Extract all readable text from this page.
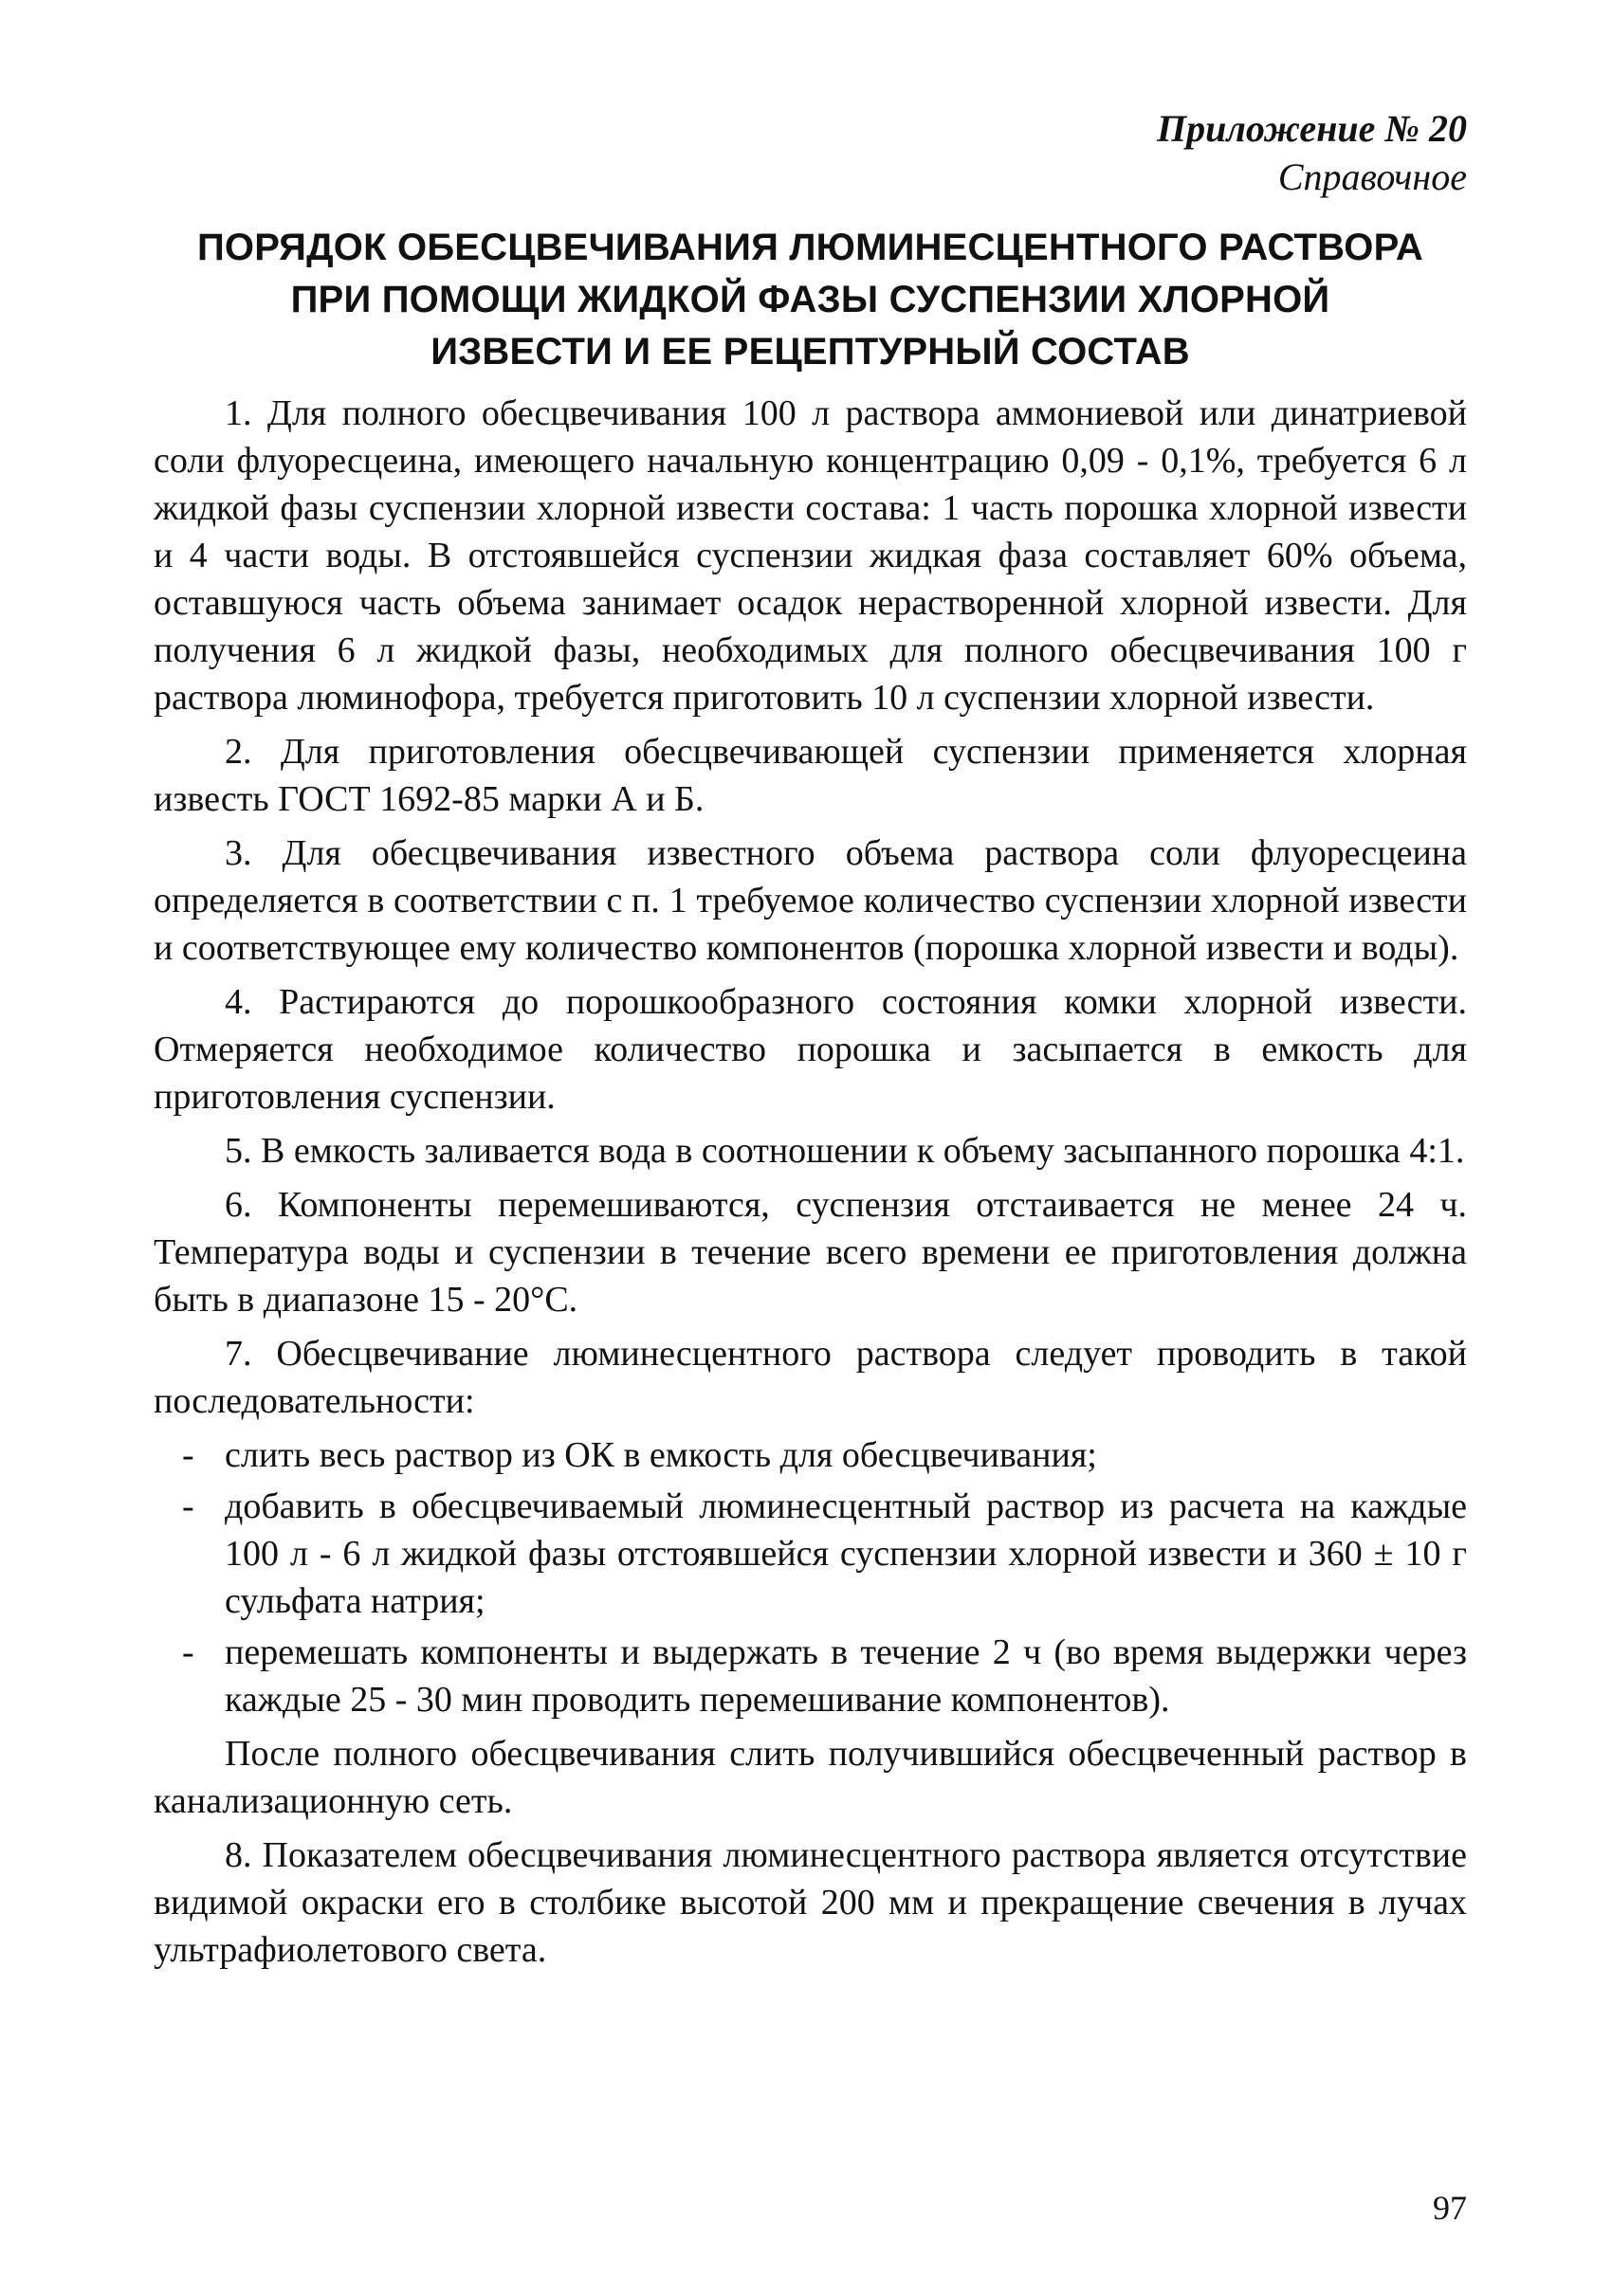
Приложение № 20
Справочное
ПОРЯДОК ОБЕСЦВЕЧИВАНИЯ ЛЮМИНЕСЦЕНТНОГО РАСТВОРА
ПРИ ПОМОЩИ ЖИДКОЙ ФАЗЫ СУСПЕНЗИИ ХЛОРНОЙ
ИЗВЕСТИ И ЕЕ РЕЦЕПТУРНЫЙ СОСТАВ

1. Для полного обесцвечивания 100 л раствора аммониевой или динатриевой соли флуоресцеина, имеющего начальную концентрацию 0,09 - 0,1%, требуется 6 л жидкой фазы суспензии хлорной извести состава: 1 часть порошка хлорной извести и 4 части воды. В отстоявшейся суспензии жидкая фаза составляет 60% объема, оставшуюся часть объема занимает осадок нерастворенной хлорной извести. Для получения 6 л жидкой фазы, необходимых для полного обесцвечивания 100 г раствора люминофора, требуется приготовить 10 л суспензии хлорной извести.

2. Для приготовления обесцвечивающей суспензии применяется хлорная известь ГОСТ 1692-85 марки А и Б.

3. Для обесцвечивания известного объема раствора соли флуоресцеина определяется в соответствии с п. 1 требуемое количество суспензии хлорной извести и соответствующее ему количество компонентов (порошка хлорной извести и воды).

4. Растираются до порошкообразного состояния комки хлорной извести. Отмеряется необходимое количество порошка и засыпается в емкость для приготовления суспензии.

5. В емкость заливается вода в соотношении к объему засыпанного порошка 4:1.

6. Компоненты перемешиваются, суспензия отстаивается не менее 24 ч. Температура воды и суспензии в течение всего времени ее приготовления должна быть в диапазоне 15 - 20°С.

7. Обесцвечивание люминесцентного раствора следует проводить в такой последовательности:

- слить весь раствор из ОК в емкость для обесцвечивания;
- добавить в обесцвечиваемый люминесцентный раствор из расчета на каждые 100 л - 6 л жидкой фазы отстоявшейся суспензии хлорной извести и 360 ± 10 г сульфата натрия;
- перемешать компоненты и выдержать в течение 2 ч (во время выдержки через каждые 25 - 30 мин проводить перемешивание компонентов).

После полного обесцвечивания слить получившийся обесцвеченный раствор в канализационную сеть.

8. Показателем обесцвечивания люминесцентного раствора является отсутствие видимой окраски его в столбике высотой 200 мм и прекращение свечения в лучах ультрафиолетового света.

97
